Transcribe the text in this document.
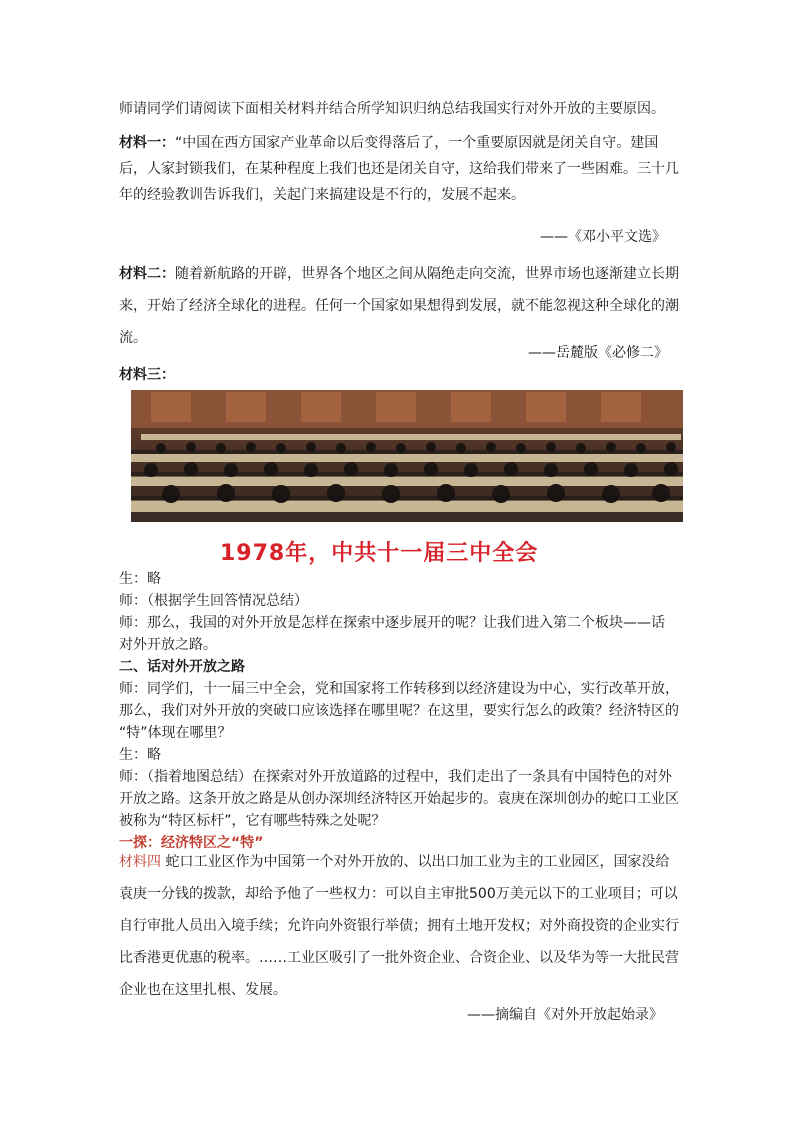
师请同学们请阅读下面相关材料并结合所学知识归纳总结我国实行对外开放的主要原因。
材料一：“中国在西方国家产业革命以后变得落后了，一个重要原因就是闭关自守。建国
后，人家封锁我们，在某种程度上我们也还是闭关自守，这给我们带来了一些困难。三十几
年的经验教训告诉我们，关起门来搞建设是不行的，发展不起来。
——《邓小平文选》
材料二：随着新航路的开辟，世界各个地区之间从隔绝走向交流，世界市场也逐渐建立长期
来，开始了经济全球化的进程。任何一个国家如果想得到发展，就不能忽视这种全球化的潮
流。
——岳麓版《必修二》
材料三：
1978年，中共十一届三中全会
生：略
师：（根据学生回答情况总结）
师：那么，我国的对外开放是怎样在探索中逐步展开的呢？让我们进入第二个板块——话
对外开放之路。
二、话对外开放之路
师：同学们，十一届三中全会，党和国家将工作转移到以经济建设为中心，实行改革开放，
那么，我们对外开放的突破口应该选择在哪里呢？在这里，要实行怎么的政策？经济特区的
“特”体现在哪里？
生：略
师：（指着地图总结）在探索对外开放道路的过程中，我们走出了一条具有中国特色的对外
开放之路。这条开放之路是从创办深圳经济特区开始起步的。袁庚在深圳创办的蛇口工业区
被称为“特区标杆”，它有哪些特殊之处呢？
一探：经济特区之“特”
材料四 蛇口工业区作为中国第一个对外开放的、以出口加工业为主的工业园区，国家没给
袁庚一分钱的拨款，却给予他了一些权力：可以自主审批500万美元以下的工业项目；可以
自行审批人员出入境手续；允许向外资银行举债；拥有土地开发权；对外商投资的企业实行
比香港更优惠的税率。……工业区吸引了一批外资企业、合资企业、以及华为等一大批民营
企业也在这里扎根、发展。
——摘编自《对外开放起始录》
